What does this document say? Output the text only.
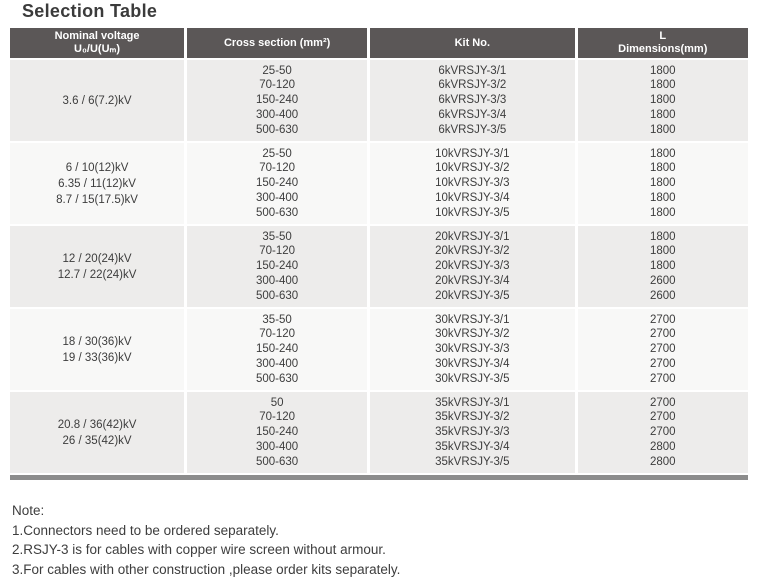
Selection Table
Nominal voltage
U₀/U(Uₘ)
Cross section (mm²)	Kit No.
L
Dimensions(mm)
3.6 / 6(7.2)kV
25-50
70-120
150-240
300-400
500-630
6kVRSJY-3/1
6kVRSJY-3/2
6kVRSJY-3/3
6kVRSJY-3/4
6kVRSJY-3/5
1800
1800
1800
1800
1800
6 / 10(12)kV
6.35 / 11(12)kV
8.7 / 15(17.5)kV
25-50
70-120
150-240
300-400
500-630
10kVRSJY-3/1
10kVRSJY-3/2
10kVRSJY-3/3
10kVRSJY-3/4
10kVRSJY-3/5
1800
1800
1800
1800
1800
12 / 20(24)kV
12.7 / 22(24)kV
35-50
70-120
150-240
300-400
500-630
20kVRSJY-3/1
20kVRSJY-3/2
20kVRSJY-3/3
20kVRSJY-3/4
20kVRSJY-3/5
1800
1800
1800
2600
2600
18 / 30(36)kV
19 / 33(36)kV
35-50
70-120
150-240
300-400
500-630
30kVRSJY-3/1
30kVRSJY-3/2
30kVRSJY-3/3
30kVRSJY-3/4
30kVRSJY-3/5
2700
2700
2700
2700
2700
20.8 / 36(42)kV
26 / 35(42)kV
50
70-120
150-240
300-400
500-630
35kVRSJY-3/1
35kVRSJY-3/2
35kVRSJY-3/3
35kVRSJY-3/4
35kVRSJY-3/5
2700
2700
2700
2800
2800
Note:
1.Connectors need to be ordered separately.
2.RSJY-3 is for cables with copper wire screen without armour.
3.For cables with other construction ,please order kits separately.
